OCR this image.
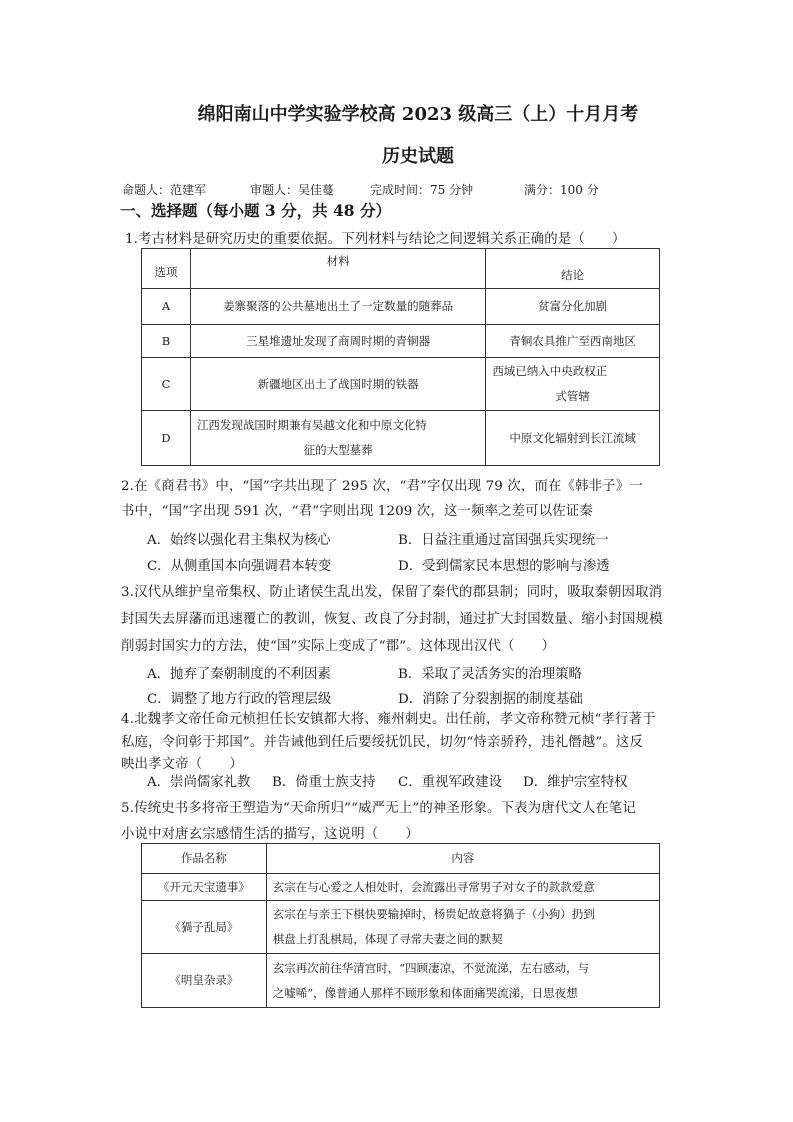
绵阳南山中学实验学校高 2023 级高三（上）十月月考
历史试题
命题人：范建军	审题人：吴佳蔓	完成时间：75 分钟	满分：100 分
一、选择题（每小题 3 分，共 48 分）
1.考古材料是研究历史的重要依据。下列材料与结论之间逻辑关系正确的是（　　）
选项	材料	结论
A	姜寨聚落的公共墓地出土了一定数量的随葬品	贫富分化加剧
B	三星堆遗址发现了商周时期的青铜器	青铜农具推广至西南地区
C	新疆地区出土了战国时期的铁器	西域已纳入中央政权正
式管辖

D	江西发现战国时期兼有吴越文化和中原文化特
征的大型墓葬	中原文化辐射到长江流域
2.在《商君书》中，“国”字共出现了 295 次，“君”字仅出现 79 次，而在《韩非子》一
书中，“国”字出现 591 次，“君”字则出现 1209 次，这一频率之差可以佐证秦
A．始终以强化君主集权为核心	B．日益注重通过富国强兵实现统一
C．从侧重国本向强调君本转变	D．受到儒家民本思想的影响与渗透
3.汉代从维护皇帝集权、防止诸侯生乱出发，保留了秦代的郡县制；同时，吸取秦朝因取消
封国失去屏藩而迅速覆亡的教训，恢复、改良了分封制，通过扩大封国数量、缩小封国规模
削弱封国实力的方法，使“国”实际上变成了“郡”。这体现出汉代（　　）
A．抛弃了秦朝制度的不利因素	B．采取了灵活务实的治理策略
C．调整了地方行政的管理层级	D．消除了分裂割据的制度基础
4.北魏孝文帝任命元桢担任长安镇都大将、雍州刺史。出任前，孝文帝称赞元桢“孝行著于
私庭，令问彰于邦国”。并告诫他到任后要绥抚饥民，切勿“恃亲骄矜，违礼僭越”。这反
映出孝文帝（　　）
A．崇尚儒家礼教 B．倚重士族支持 C．重视军政建设 D．维护宗室特权
5.传统史书多将帝王塑造为“天命所归”“威严无上”的神圣形象。下表为唐代文人在笔记
小说中对唐玄宗感情生活的描写，这说明（　　）
作品名称	内容
《开元天宝遗事》	玄宗在与心爱之人相处时，会流露出寻常男子对女子的款款爱意
《猧子乱局》	玄宗在与亲王下棋快要输掉时，杨贵妃故意将猧子（小狗）扔到
棋盘上打乱棋局，体现了寻常夫妻之间的默契

《明皇杂录》	玄宗再次前往华清宫时，“四顾凄凉，不觉流涕，左右感动，与
之嘘唏”，像普通人那样不顾形象和体面痛哭流涕，日思夜想
